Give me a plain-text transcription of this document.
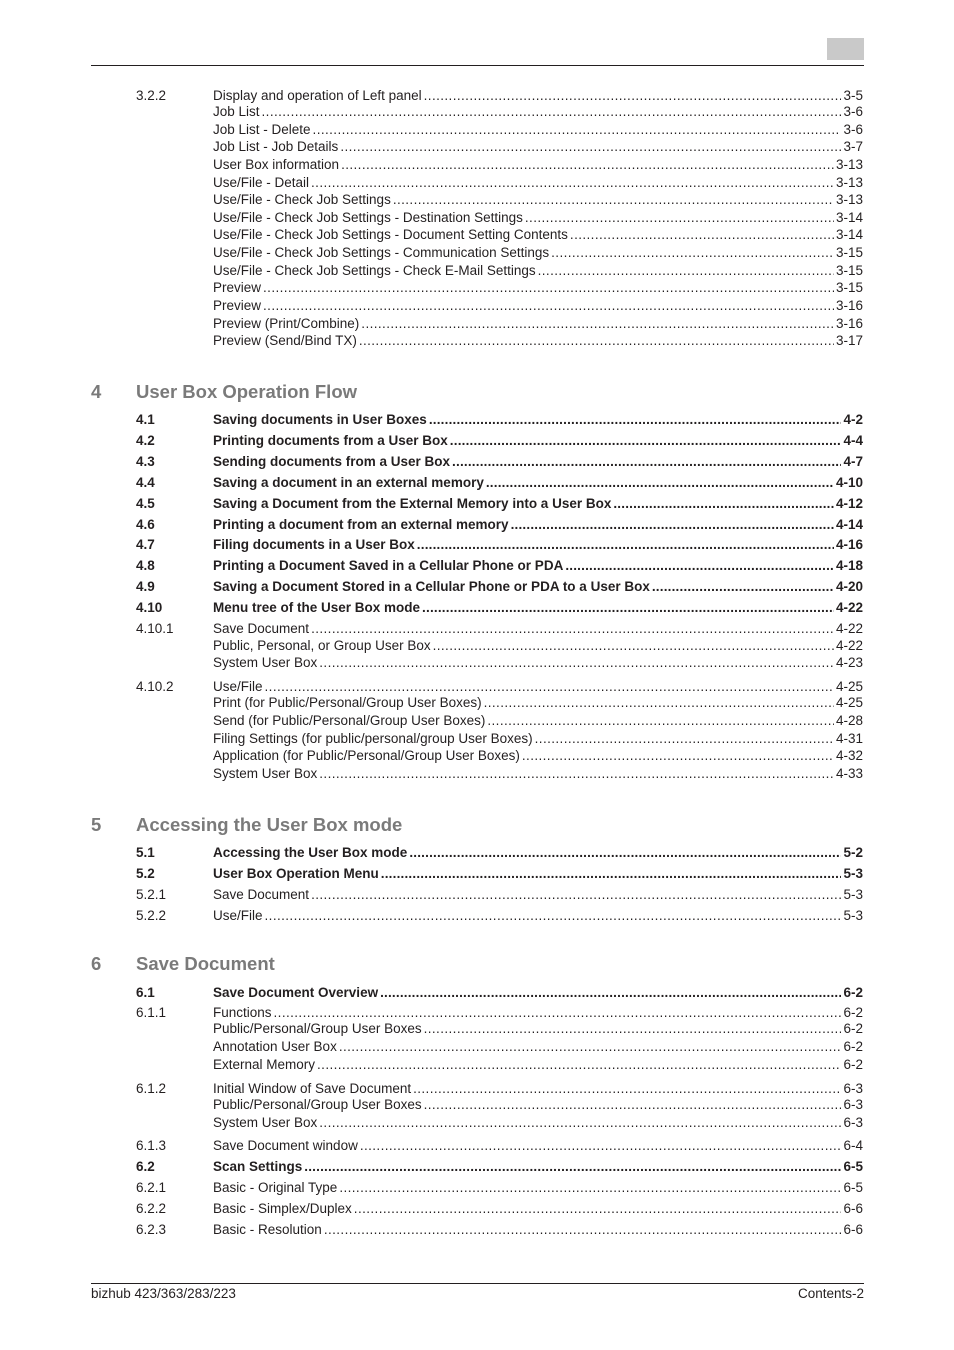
3.2.2	Display and operation of Left panel .....	3-5
Job List .....	3-6
Job List - Delete .....	3-6
Job List - Job Details .....	3-7
User Box information .....	3-13
Use/File - Detail .....	3-13
Use/File - Check Job Settings .....	3-13
Use/File - Check Job Settings - Destination Settings .....	3-14
Use/File - Check Job Settings - Document Setting Contents .....	3-14
Use/File - Check Job Settings - Communication Settings .....	3-15
Use/File - Check Job Settings - Check E-Mail Settings .....	3-15
Preview .....	3-15
Preview .....	3-16
Preview (Print/Combine) .....	3-16
Preview (Send/Bind TX) .....	3-17
4 User Box Operation Flow
4.1	Saving documents in User Boxes .....	4-2
4.2	Printing documents from a User Box .....	4-4
4.3	Sending documents from a User Box .....	4-7
4.4	Saving a document in an external memory .....	4-10
4.5	Saving a Document from the External Memory into a User Box .....	4-12
4.6	Printing a document from an external memory .....	4-14
4.7	Filing documents in a User Box .....	4-16
4.8	Printing a Document Saved in a Cellular Phone or PDA .....	4-18
4.9	Saving a Document Stored in a Cellular Phone or PDA to a User Box .....	4-20
4.10	Menu tree of the User Box mode .....	4-22
4.10.1	Save Document .....	4-22
Public, Personal, or Group User Box .....	4-22
System User Box .....	4-23
4.10.2	Use/File .....	4-25
Print (for Public/Personal/Group User Boxes) .....	4-25
Send (for Public/Personal/Group User Boxes) .....	4-28
Filing Settings (for public/personal/group User Boxes) .....	4-31
Application (for Public/Personal/Group User Boxes) .....	4-32
System User Box .....	4-33
5 Accessing the User Box mode
5.1	Accessing the User Box mode .....	5-2
5.2	User Box Operation Menu .....	5-3
5.2.1	Save Document .....	5-3
5.2.2	Use/File .....	5-3
6 Save Document
6.1	Save Document Overview .....	6-2
6.1.1	Functions .....	6-2
Public/Personal/Group User Boxes .....	6-2
Annotation User Box .....	6-2
External Memory .....	6-2
6.1.2	Initial Window of Save Document .....	6-3
Public/Personal/Group User Boxes .....	6-3
System User Box .....	6-3
6.1.3	Save Document window .....	6-4
6.2	Scan Settings .....	6-5
6.2.1	Basic - Original Type .....	6-5
6.2.2	Basic - Simplex/Duplex .....	6-6
6.2.3	Basic - Resolution .....	6-6
bizhub 423/363/283/223	Contents-2
